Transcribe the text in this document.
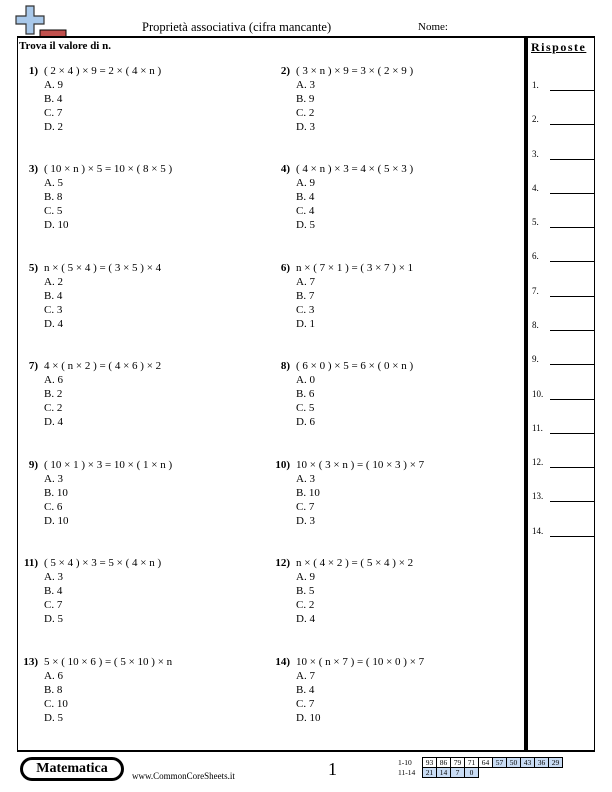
Proprietà associativa (cifra mancante)	Nome:
Trova il valore di n.	Risposte
1) ( 2 × 4 ) × 9 = 2 × ( 4 × n )
A. 9
B. 4
C. 7
D. 2
2) ( 3 × n ) × 9 = 3 × ( 2 × 9 )
A. 3
B. 9
C. 2
D. 3
3) ( 10 × n ) × 5 = 10 × ( 8 × 5 )
A. 5
B. 8
C. 5
D. 10
4) ( 4 × n ) × 3 = 4 × ( 5 × 3 )
A. 9
B. 4
C. 4
D. 5
5) n × ( 5 × 4 ) = ( 3 × 5 ) × 4
A. 2
B. 4
C. 3
D. 4
6) n × ( 7 × 1 ) = ( 3 × 7 ) × 1
A. 7
B. 7
C. 3
D. 1
7) 4 × ( n × 2 ) = ( 4 × 6 ) × 2
A. 6
B. 2
C. 2
D. 4
8) ( 6 × 0 ) × 5 = 6 × ( 0 × n )
A. 0
B. 6
C. 5
D. 6
9) ( 10 × 1 ) × 3 = 10 × ( 1 × n )
A. 3
B. 10
C. 6
D. 10
10) 10 × ( 3 × n ) = ( 10 × 3 ) × 7
A. 3
B. 10
C. 7
D. 3
11) ( 5 × 4 ) × 3 = 5 × ( 4 × n )
A. 3
B. 4
C. 7
D. 5
12) n × ( 4 × 2 ) = ( 5 × 4 ) × 2
A. 9
B. 5
C. 2
D. 4
13) 5 × ( 10 × 6 ) = ( 5 × 10 ) × n
A. 6
B. 8
C. 10
D. 5
14) 10 × ( n × 7 ) = ( 10 × 0 ) × 7
A. 7
B. 4
C. 7
D. 10
1.
2.
3.
4.
5.
6.
7.
8.
9.
10.
11.
12.
13.
14.
Matematica	www.CommonCoreSheets.it	1	1-10	93	86	79	71	64	57	50	43	36	29
11-14	21	14	7	0						
